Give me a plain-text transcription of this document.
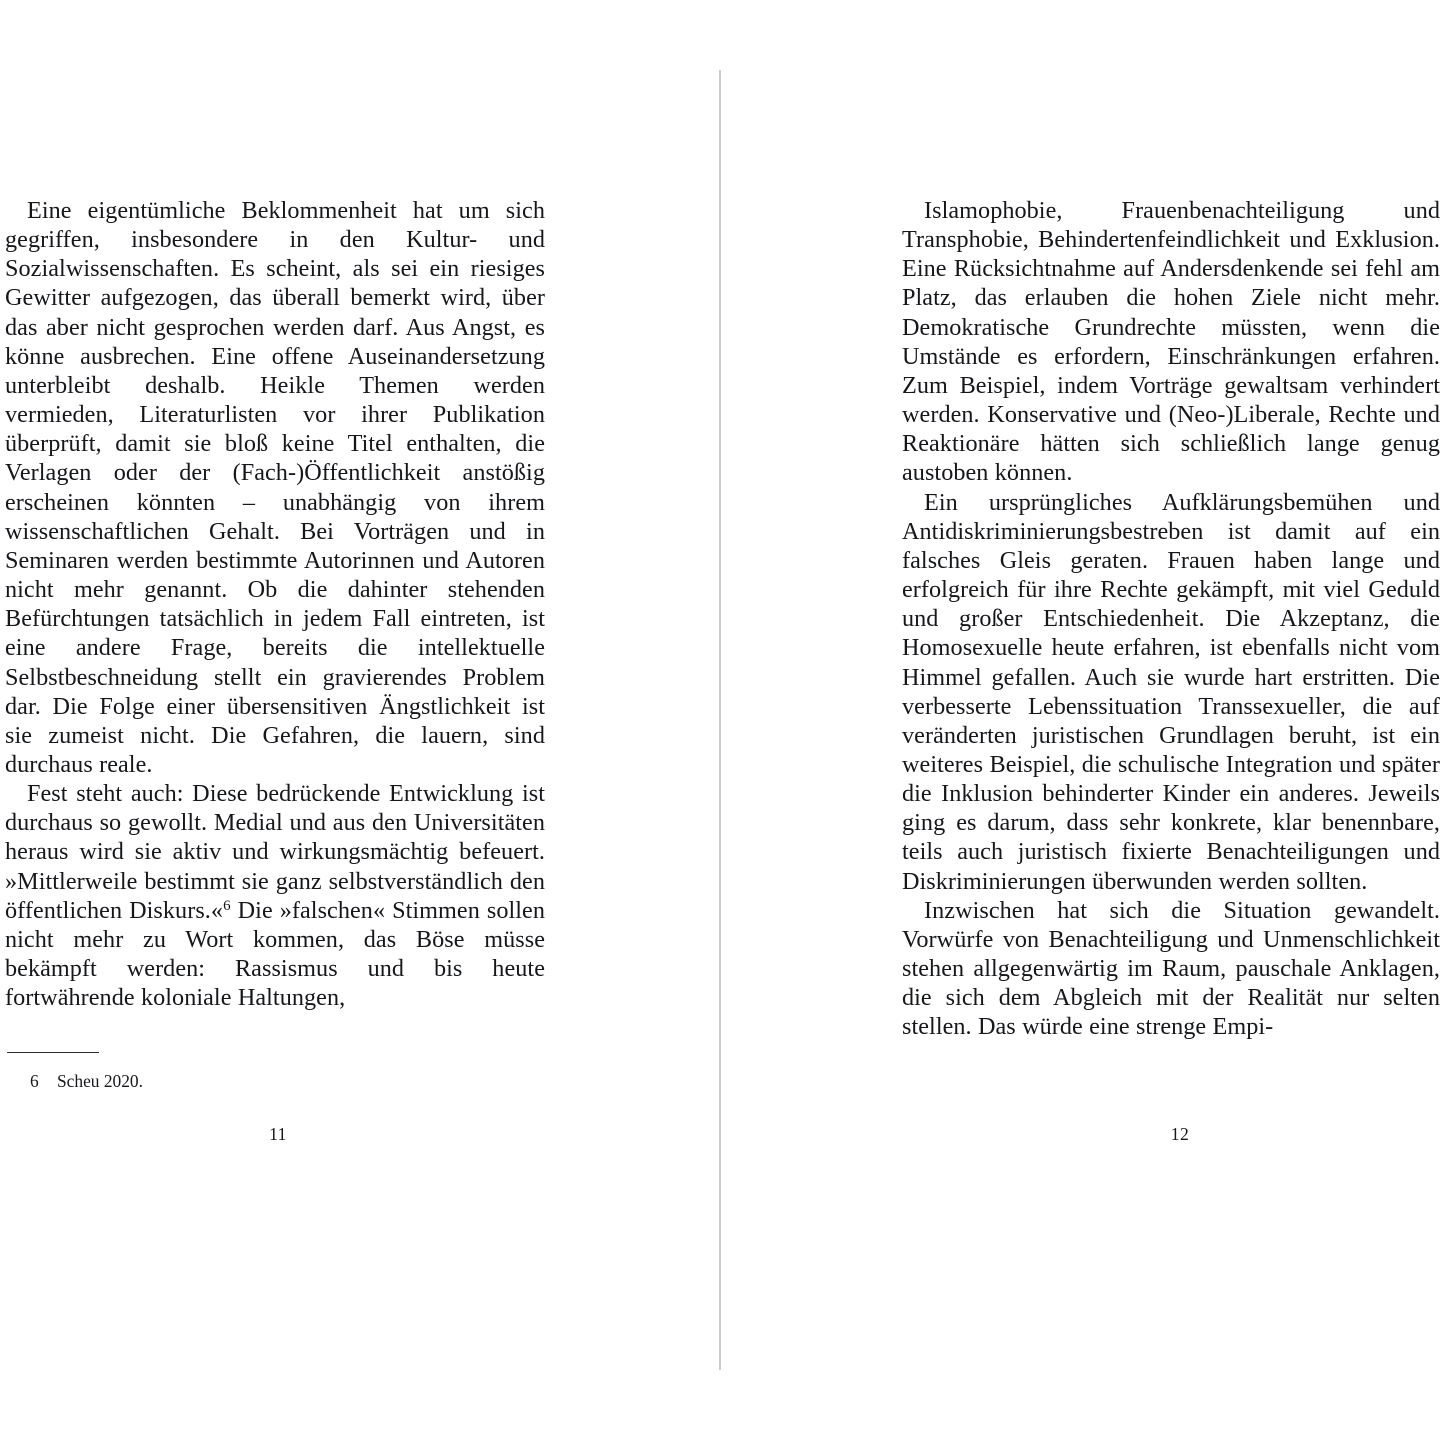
Eine eigentümliche Beklommenheit hat um sich gegriffen, insbesondere in den Kultur- und Sozialwissenschaften. Es scheint, als sei ein riesiges Gewitter aufgezogen, das überall bemerkt wird, über das aber nicht gesprochen werden darf. Aus Angst, es könne ausbrechen. Eine offene Auseinandersetzung unterbleibt deshalb. Heikle Themen werden vermieden, Literaturlisten vor ihrer Publikation überprüft, damit sie bloß keine Titel enthalten, die Verlagen oder der (Fach-)Öffentlichkeit anstößig erscheinen könnten – unabhängig von ihrem wissenschaftlichen Gehalt. Bei Vorträgen und in Seminaren werden bestimmte Autorinnen und Autoren nicht mehr genannt. Ob die dahinter stehenden Befürchtungen tatsächlich in jedem Fall eintreten, ist eine andere Frage, bereits die intellektuelle Selbstbeschneidung stellt ein gravierendes Problem dar. Die Folge einer übersensitiven Ängstlichkeit ist sie zumeist nicht. Die Gefahren, die lauern, sind durchaus reale.

Fest steht auch: Diese bedrückende Entwicklung ist durchaus so gewollt. Medial und aus den Universitäten heraus wird sie aktiv und wirkungsmächtig befeuert. »Mittlerweile bestimmt sie ganz selbstverständlich den öffentlichen Diskurs.«$^6$ Die »falschen« Stimmen sollen nicht mehr zu Wort kommen, das Böse müsse bekämpft werden: Rassismus und bis heute fortwährende koloniale Haltungen,

6	Scheu 2020.

11

Islamophobie, Frauenbenachteiligung und Transphobie, Behindertenfeindlichkeit und Exklusion. Eine Rücksichtnahme auf Andersdenkende sei fehl am Platz, das erlauben die hohen Ziele nicht mehr. Demokratische Grundrechte müssten, wenn die Umstände es erfordern, Einschränkungen erfahren. Zum Beispiel, indem Vorträge gewaltsam verhindert werden. Konservative und (Neo-)Liberale, Rechte und Reaktionäre hätten sich schließlich lange genug austoben können.

Ein ursprüngliches Aufklärungsbemühen und Antidiskriminierungsbestreben ist damit auf ein falsches Gleis geraten. Frauen haben lange und erfolgreich für ihre Rechte gekämpft, mit viel Geduld und großer Entschiedenheit. Die Akzeptanz, die Homosexuelle heute erfahren, ist ebenfalls nicht vom Himmel gefallen. Auch sie wurde hart erstritten. Die verbesserte Lebenssituation Transsexueller, die auf veränderten juristischen Grundlagen beruht, ist ein weiteres Beispiel, die schulische Integration und später die Inklusion behinderter Kinder ein anderes. Jeweils ging es darum, dass sehr konkrete, klar benennbare, teils auch juristisch fixierte Benachteiligungen und Diskriminierungen überwunden werden sollten.

Inzwischen hat sich die Situation gewandelt. Vorwürfe von Benachteiligung und Unmenschlichkeit stehen allgegenwärtig im Raum, pauschale Anklagen, die sich dem Abgleich mit der Realität nur selten stellen. Das würde eine strenge Empi-

12
